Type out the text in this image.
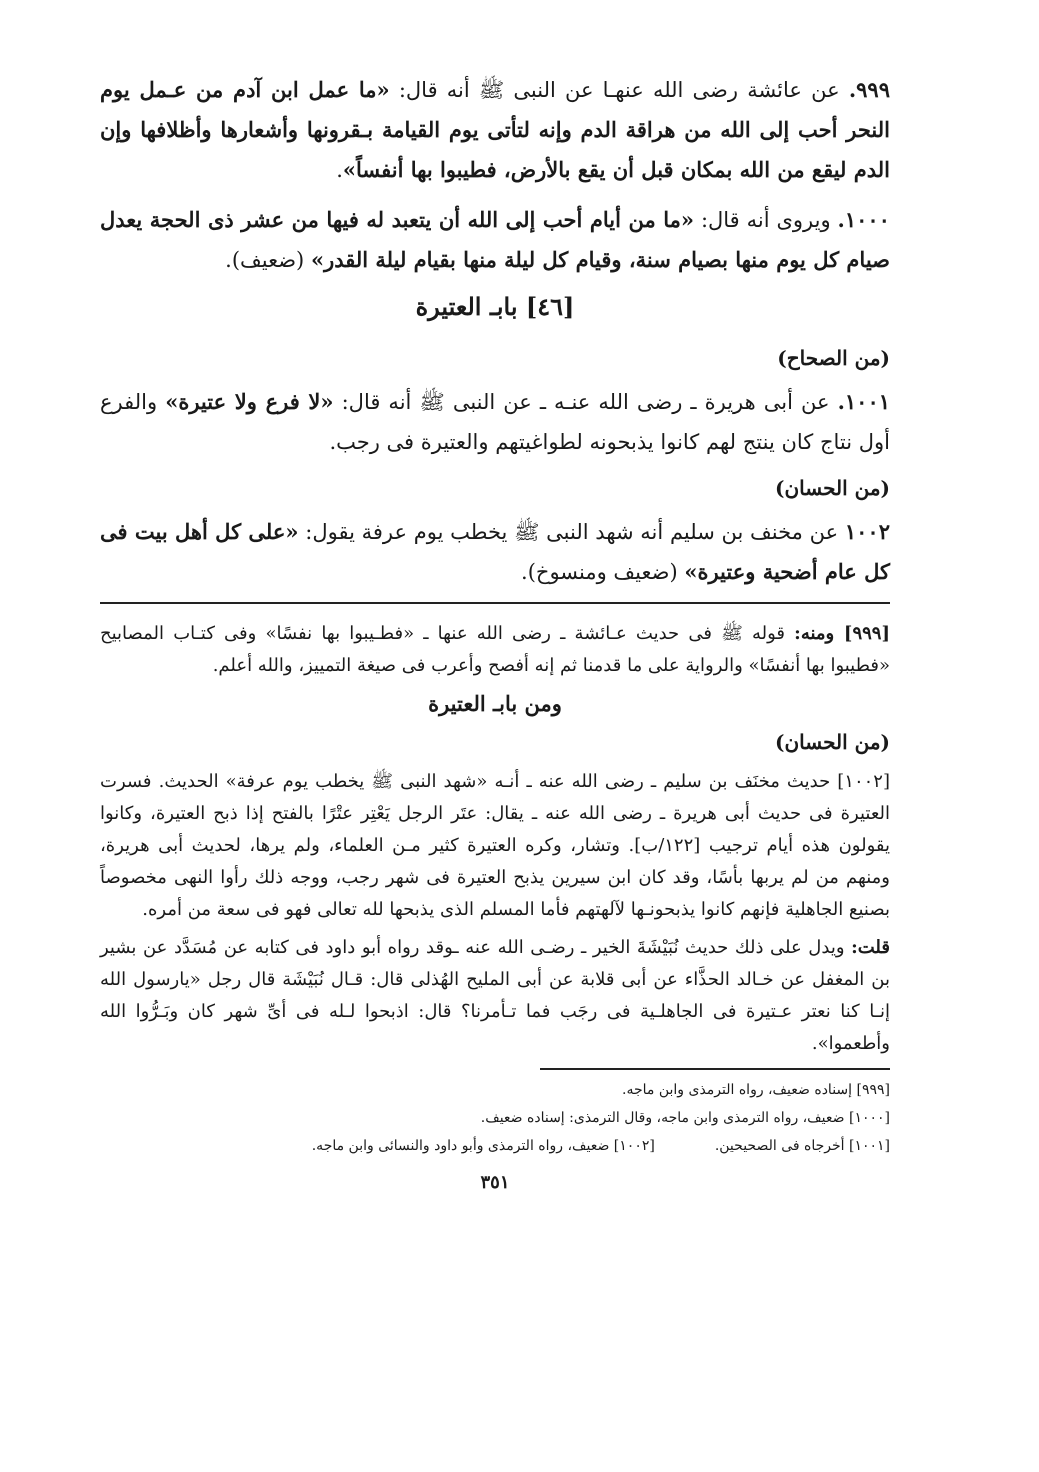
٩٩٩. عن عائشة رضى الله عنهـا عن النبى ﷺ أنه قال: «ما عمل ابن آدم من عـمل يوم النحر أحب إلى الله من هراقة الدم وإنه لتأتى يوم القيامة بـقرونها وأشعارها وأظلافها وإن الدم ليقع من الله بمكان قبل أن يقع بالأرض، فطيبوا بها أنفساً».

١٠٠٠. ويروى أنه قال: «ما من أيام أحب إلى الله أن يتعبد له فيها من عشر ذى الحجة يعدل صيام كل يوم منها بصيام سنة، وقيام كل ليلة منها بقيام ليلة القدر» (ضعيف).

[٤٦] بابـ العتيرة
(من الصحاح)

١٠٠١. عن أبى هريرة ـ رضى الله عنـه ـ عن النبى ﷺ أنه قال: «لا فرع ولا عتيرة» والفرع أول نتاج كان ينتج لهم كانوا يذبحونه لطواغيتهم والعتيرة فى رجب.

(من الحسان)

١٠٠٢ عن مخنف بن سليم أنه شهد النبى ﷺ يخطب يوم عرفة يقول: «على كل أهل بيت فى كل عام أضحية وعتيرة» (ضعيف ومنسوخ).

[٩٩٩] ومنه: قوله ﷺ فى حديث عـائشة ـ رضى الله عنها ـ «فطـيبوا بها نفسًا» وفى كتـاب المصابيح «فطيبوا بها أنفسًا» والرواية على ما قدمنا ثم إنه أفصح وأعرب فى صيغة التمييز، والله أعلم.

ومن بابـ العتيرة
(من الحسان)

[١٠٠٢] حديث مخنَف بن سليم ـ رضى الله عنه ـ أنـه «شهد النبى ﷺ يخطب يوم عرفة» الحديث. فسرت العتيرة فى حديث أبى هريرة ـ رضى الله عنه ـ يقال: عتَر الرجل يَعْتِر عتْرًا بالفتح إذا ذبح العتيرة، وكانوا يقولون هذه أيام ترجيب [١٢٢/ب]. وتشار، وكره العتيرة كثير مـن العلماء، ولم يرها، لحديث أبى هريرة، ومنهم من لم يربها بأسًا، وقد كان ابن سيرين يذبح العتيرة فى شهر رجب، ووجه ذلك رأوا النهى مخصوصاً بصنيع الجاهلية فإنهم كانوا يذبحونـها لآلهتهم فأما المسلم الذى يذبحها لله تعالى فهو فى سعة من أمره.

قلت: ويدل على ذلك حديث نُبَيْشَةَ الخير ـ رضـى الله عنه ـوقد رواه أبو داود فى كتابه عن مُسَدَّد عن بشير بن المغفل عن خـالد الحذَّاء عن أبى قلابة عن أبى المليح الهُذلى قال: قـال نُبَيْشَة قال رجل «يارسول الله إنـا كنا نعتر عـتيرة فى الجاهلـية فى رجَب فما تـأمرنا؟ قال: اذبحوا لـله فى أىِّ شهر كان وبَـرُّوا الله وأطعموا».

[٩٩٩] إسناده ضعيف، رواه الترمذى وابن ماجه.

[١٠٠٠] ضعيف، رواه الترمذى وابن ماجه، وقال الترمذى: إسناده ضعيف.

[١٠٠١] أخرجاه فى الصحيحين.
[١٠٠٢] ضعيف، رواه الترمذى وأبو داود والنسائى وابن ماجه.
٣٥١
